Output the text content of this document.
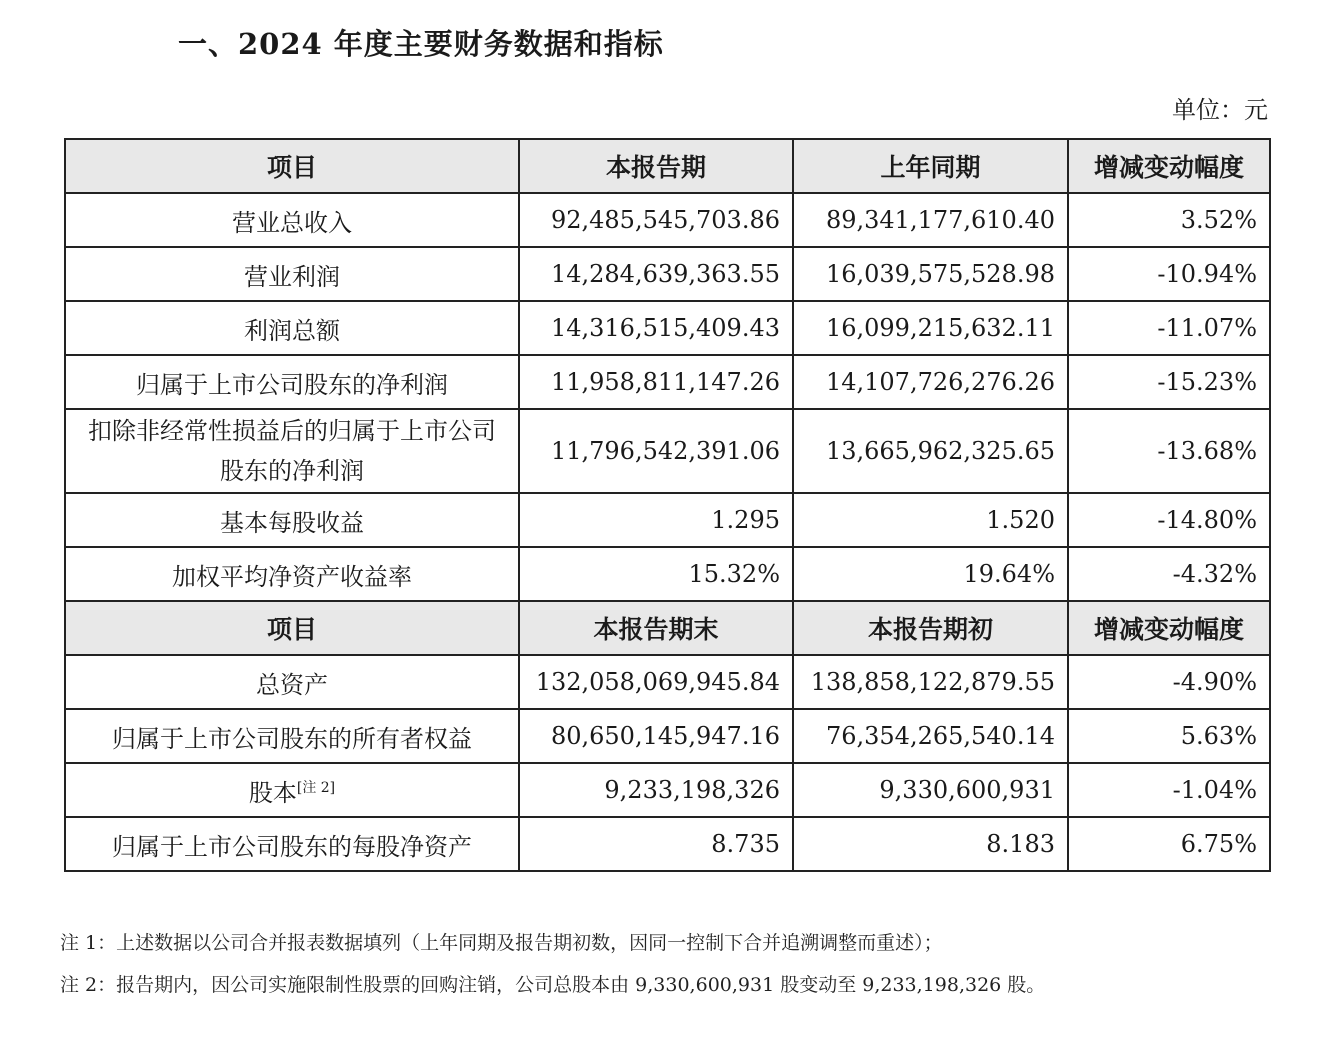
一、2024 年度主要财务数据和指标
单位：元
项目	本报告期	上年同期	增减变动幅度
营业总收入	92,485,545,703.86	89,341,177,610.40	3.52%
营业利润	14,284,639,363.55	16,039,575,528.98	-10.94%
利润总额	14,316,515,409.43	16,099,215,632.11	-11.07%
归属于上市公司股东的净利润	11,958,811,147.26	14,107,726,276.26	-15.23%
扣除非经常性损益后的归属于上市公司股东的净利润	11,796,542,391.06	13,665,962,325.65	-13.68%
基本每股收益	1.295	1.520	-14.80%
加权平均净资产收益率	15.32%	19.64%	-4.32%
项目	本报告期末	本报告期初	增减变动幅度
总资产	132,058,069,945.84	138,858,122,879.55	-4.90%
归属于上市公司股东的所有者权益	80,650,145,947.16	76,354,265,540.14	5.63%
股本[注 2]	9,233,198,326	9,330,600,931	-1.04%
归属于上市公司股东的每股净资产	8.735	8.183	6.75%
注 1：上述数据以公司合并报表数据填列（上年同期及报告期初数，因同一控制下合并追溯调整而重述）；
注 2：报告期内，因公司实施限制性股票的回购注销，公司总股本由 9,330,600,931 股变动至 9,233,198,326 股。
